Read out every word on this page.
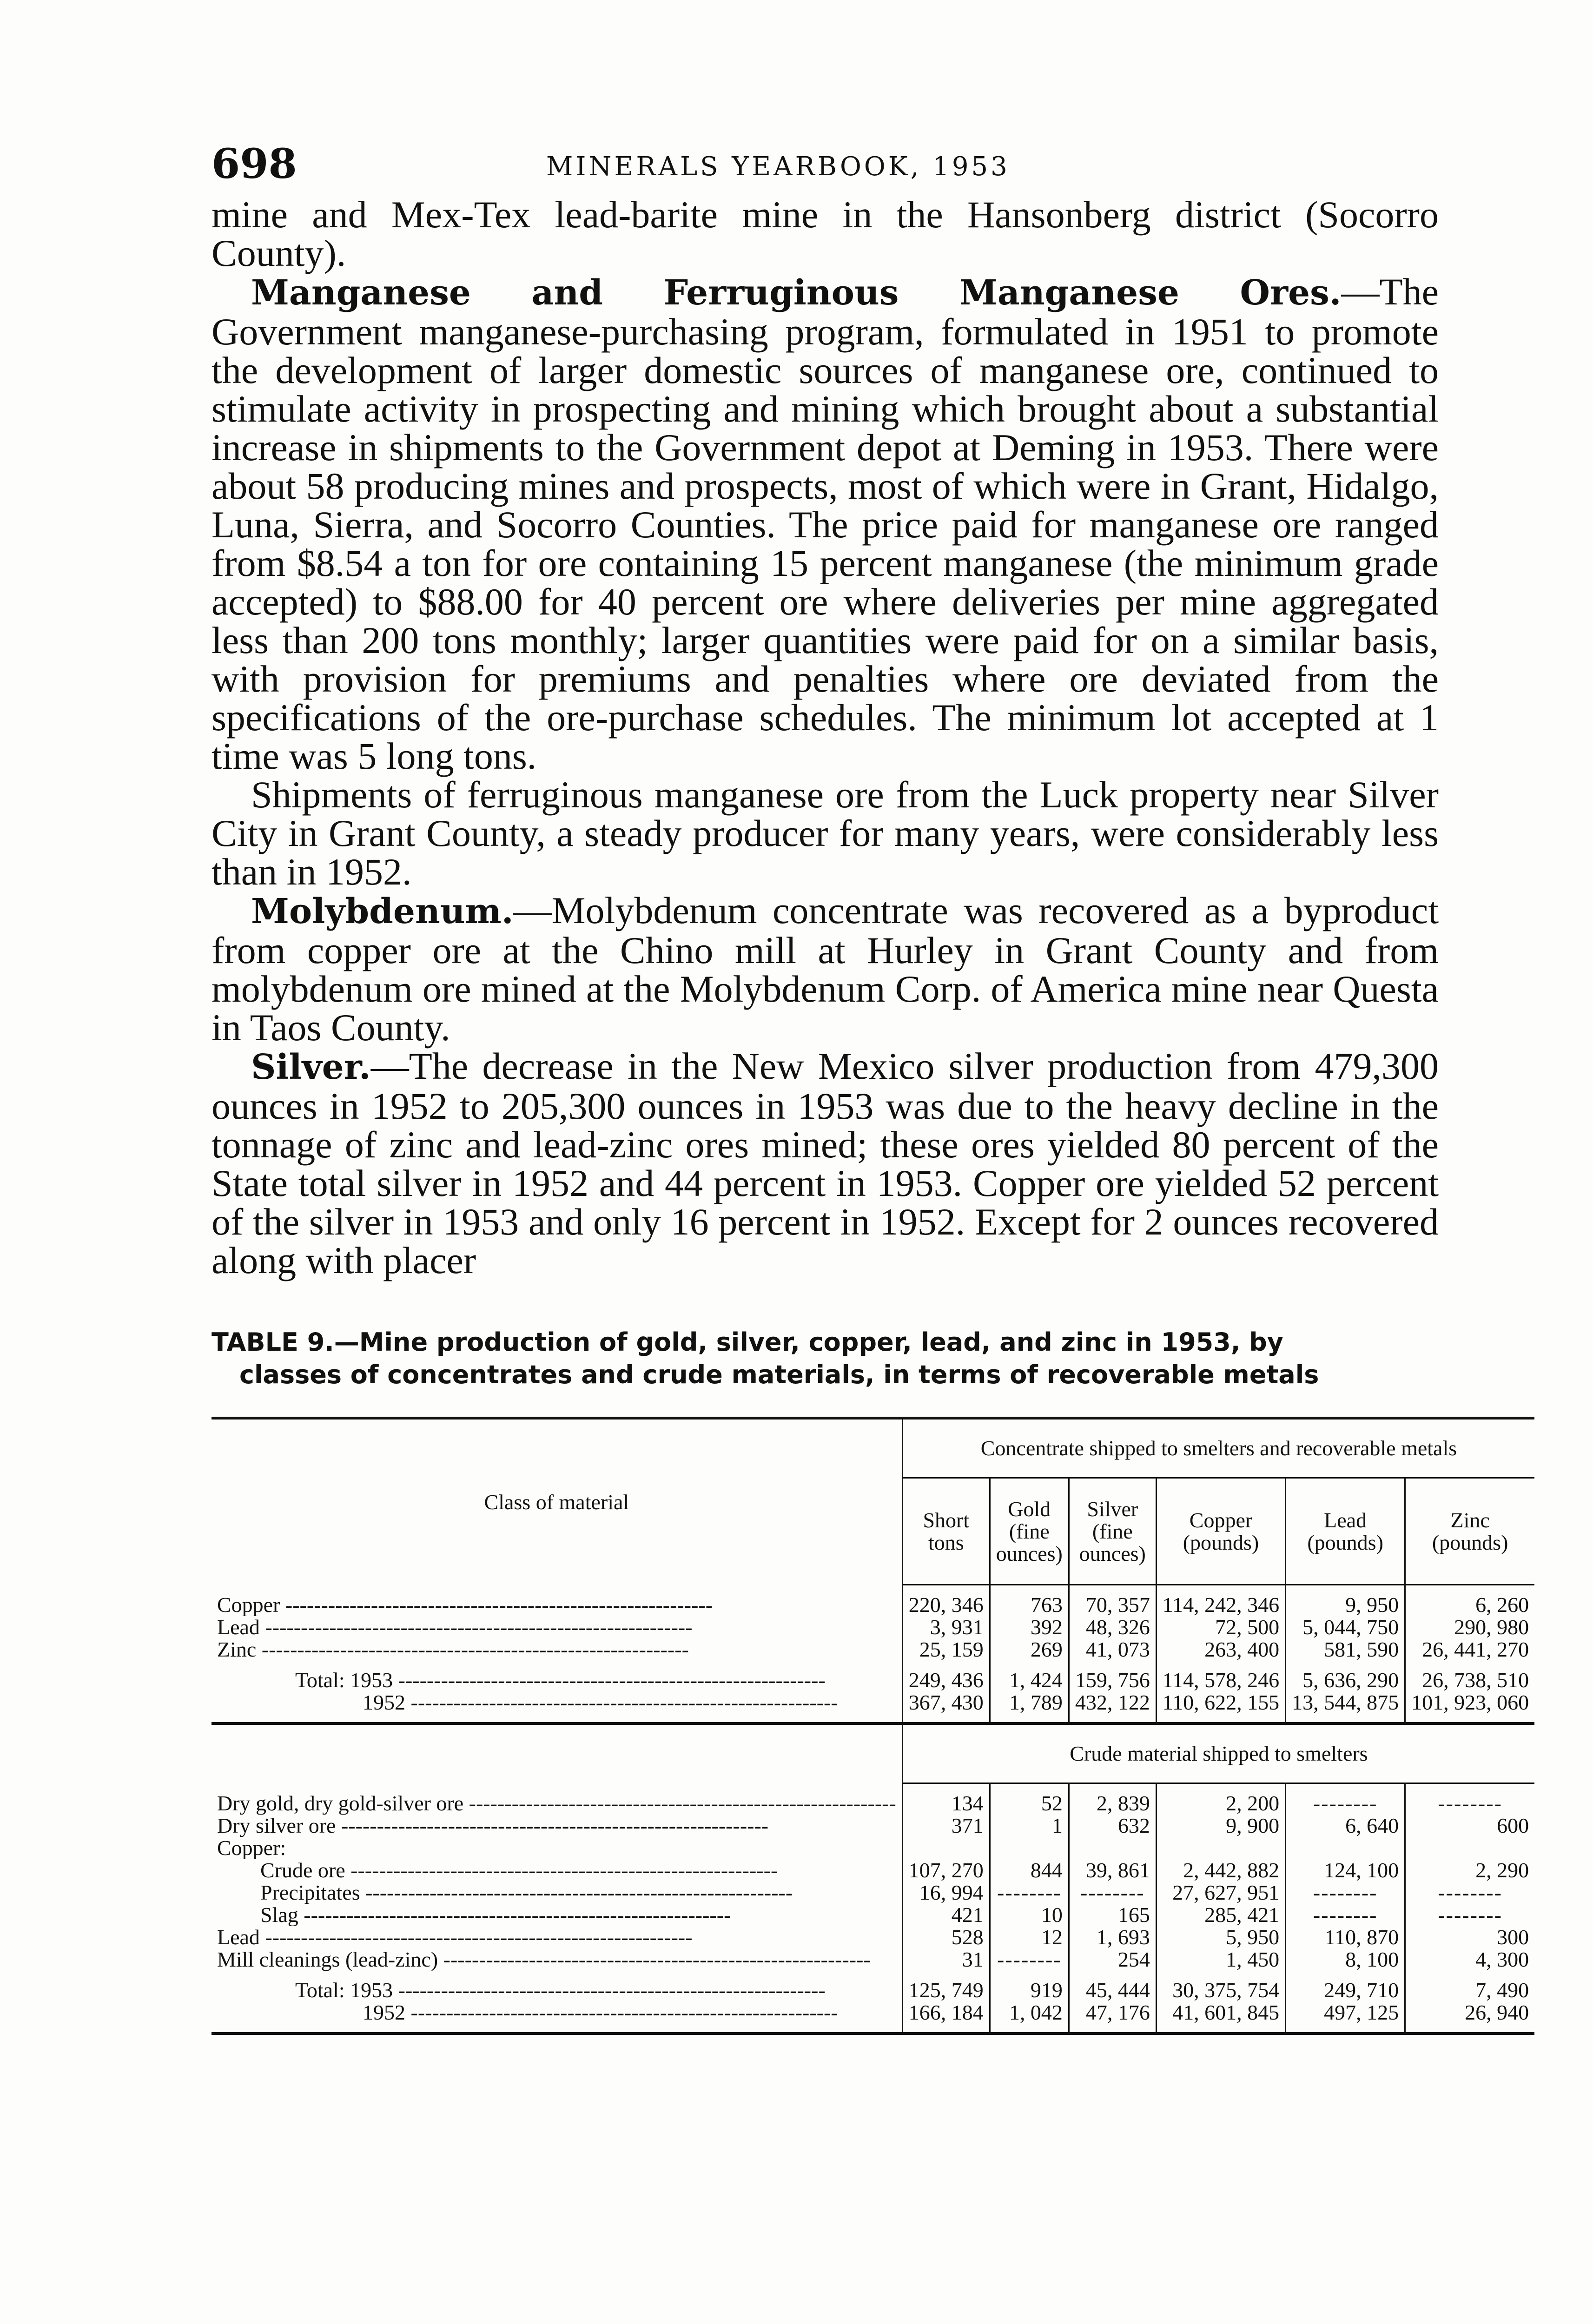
698	MINERALS YEARBOOK, 1953

mine and Mex-Tex lead-barite mine in the Hansonberg district (Socorro County).

Manganese and Ferruginous Manganese Ores.—The Government manganese-purchasing program, formulated in 1951 to promote the development of larger domestic sources of manganese ore, continued to stimulate activity in prospecting and mining which brought about a substantial increase in shipments to the Government depot at Deming in 1953. There were about 58 producing mines and prospects, most of which were in Grant, Hidalgo, Luna, Sierra, and Socorro Counties. The price paid for manganese ore ranged from $8.54 a ton for ore containing 15 percent manganese (the minimum grade accepted) to $88.00 for 40 percent ore where deliveries per mine aggregated less than 200 tons monthly; larger quantities were paid for on a similar basis, with provision for premiums and penalties where ore deviated from the specifications of the ore-purchase schedules. The minimum lot accepted at 1 time was 5 long tons.

Shipments of ferruginous manganese ore from the Luck property near Silver City in Grant County, a steady producer for many years, were considerably less than in 1952.

Molybdenum.—Molybdenum concentrate was recovered as a byproduct from copper ore at the Chino mill at Hurley in Grant County and from molybdenum ore mined at the Molybdenum Corp. of America mine near Questa in Taos County.

Silver.—The decrease in the New Mexico silver production from 479,300 ounces in 1952 to 205,300 ounces in 1953 was due to the heavy decline in the tonnage of zinc and lead-zinc ores mined; these ores yielded 80 percent of the State total silver in 1952 and 44 percent in 1953. Copper ore yielded 52 percent of the silver in 1953 and only 16 percent in 1952. Except for 2 ounces recovered along with placer

TABLE 9.—Mine production of gold, silver, copper, lead, and zinc in 1953, by
classes of concentrates and crude materials, in terms of recoverable metals

Class of material	Concentrate shipped to smelters and recoverable metals					
	Short tons	Gold (fine ounces)	Silver (fine ounces)	Copper (pounds)	Lead (pounds)	Zinc (pounds)

Copper ------------------------------------------------------------	220, 346	763	70, 357	114, 242, 346	9, 950	6, 260
Lead ------------------------------------------------------------	3, 931	392	48, 326	72, 500	5, 044, 750	290, 980
Zinc ------------------------------------------------------------	25, 159	269	41, 073	263, 400	581, 590	26, 441, 270

Total: 1953 ------------------------------------------------------------	249, 436	1, 424	159, 756	114, 578, 246	5, 636, 290	26, 738, 510
1952 ------------------------------------------------------------	367, 430	1, 789	432, 122	110, 622, 155	13, 544, 875	101, 923, 060

	Crude material shipped to smelters					

Dry gold, dry gold-silver ore ------------------------------------------------------------	134	52	2, 839	2, 200	--------	--------
Dry silver ore ------------------------------------------------------------	371	1	632	9, 900	6, 640	600
Copper:						
Crude ore ------------------------------------------------------------	107, 270	844	39, 861	2, 442, 882	124, 100	2, 290
Precipitates ------------------------------------------------------------	16, 994	--------	--------	27, 627, 951	--------	--------
Slag ------------------------------------------------------------	421	10	165	285, 421	--------	--------
Lead ------------------------------------------------------------	528	12	1, 693	5, 950	110, 870	300
Mill cleanings (lead-zinc) ------------------------------------------------------------	31	--------	254	1, 450	8, 100	4, 300

Total: 1953 ------------------------------------------------------------	125, 749	919	45, 444	30, 375, 754	249, 710	7, 490
1952 ------------------------------------------------------------	166, 184	1, 042	47, 176	41, 601, 845	497, 125	26, 940
